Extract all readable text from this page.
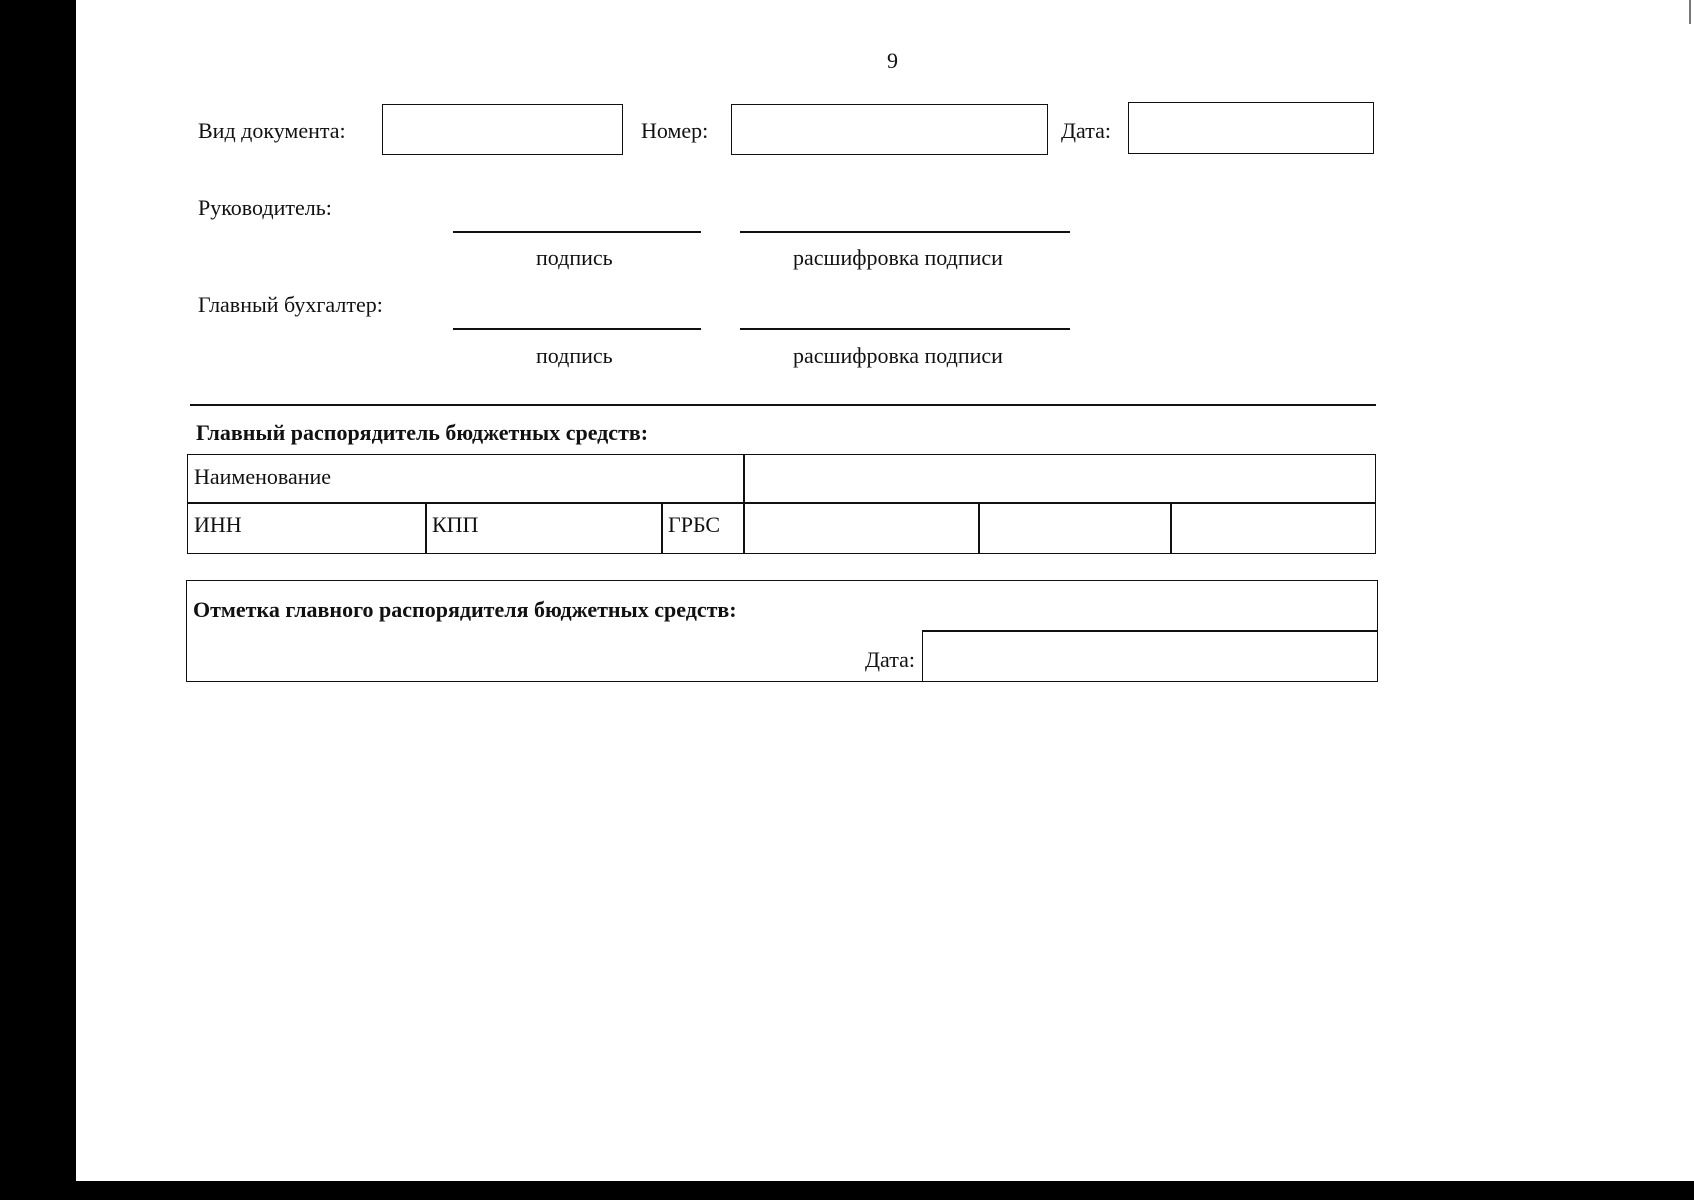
9
Вид документа:	Номер:	Дата:
Руководитель:
подпись	расшифровка подписи
Главный бухгалтер:
подпись	расшифровка подписи
Главный распорядитель бюджетных средств:
Наименование
ИНН	КПП	ГРБС
Отметка главного распорядителя бюджетных средств:
Дата:
